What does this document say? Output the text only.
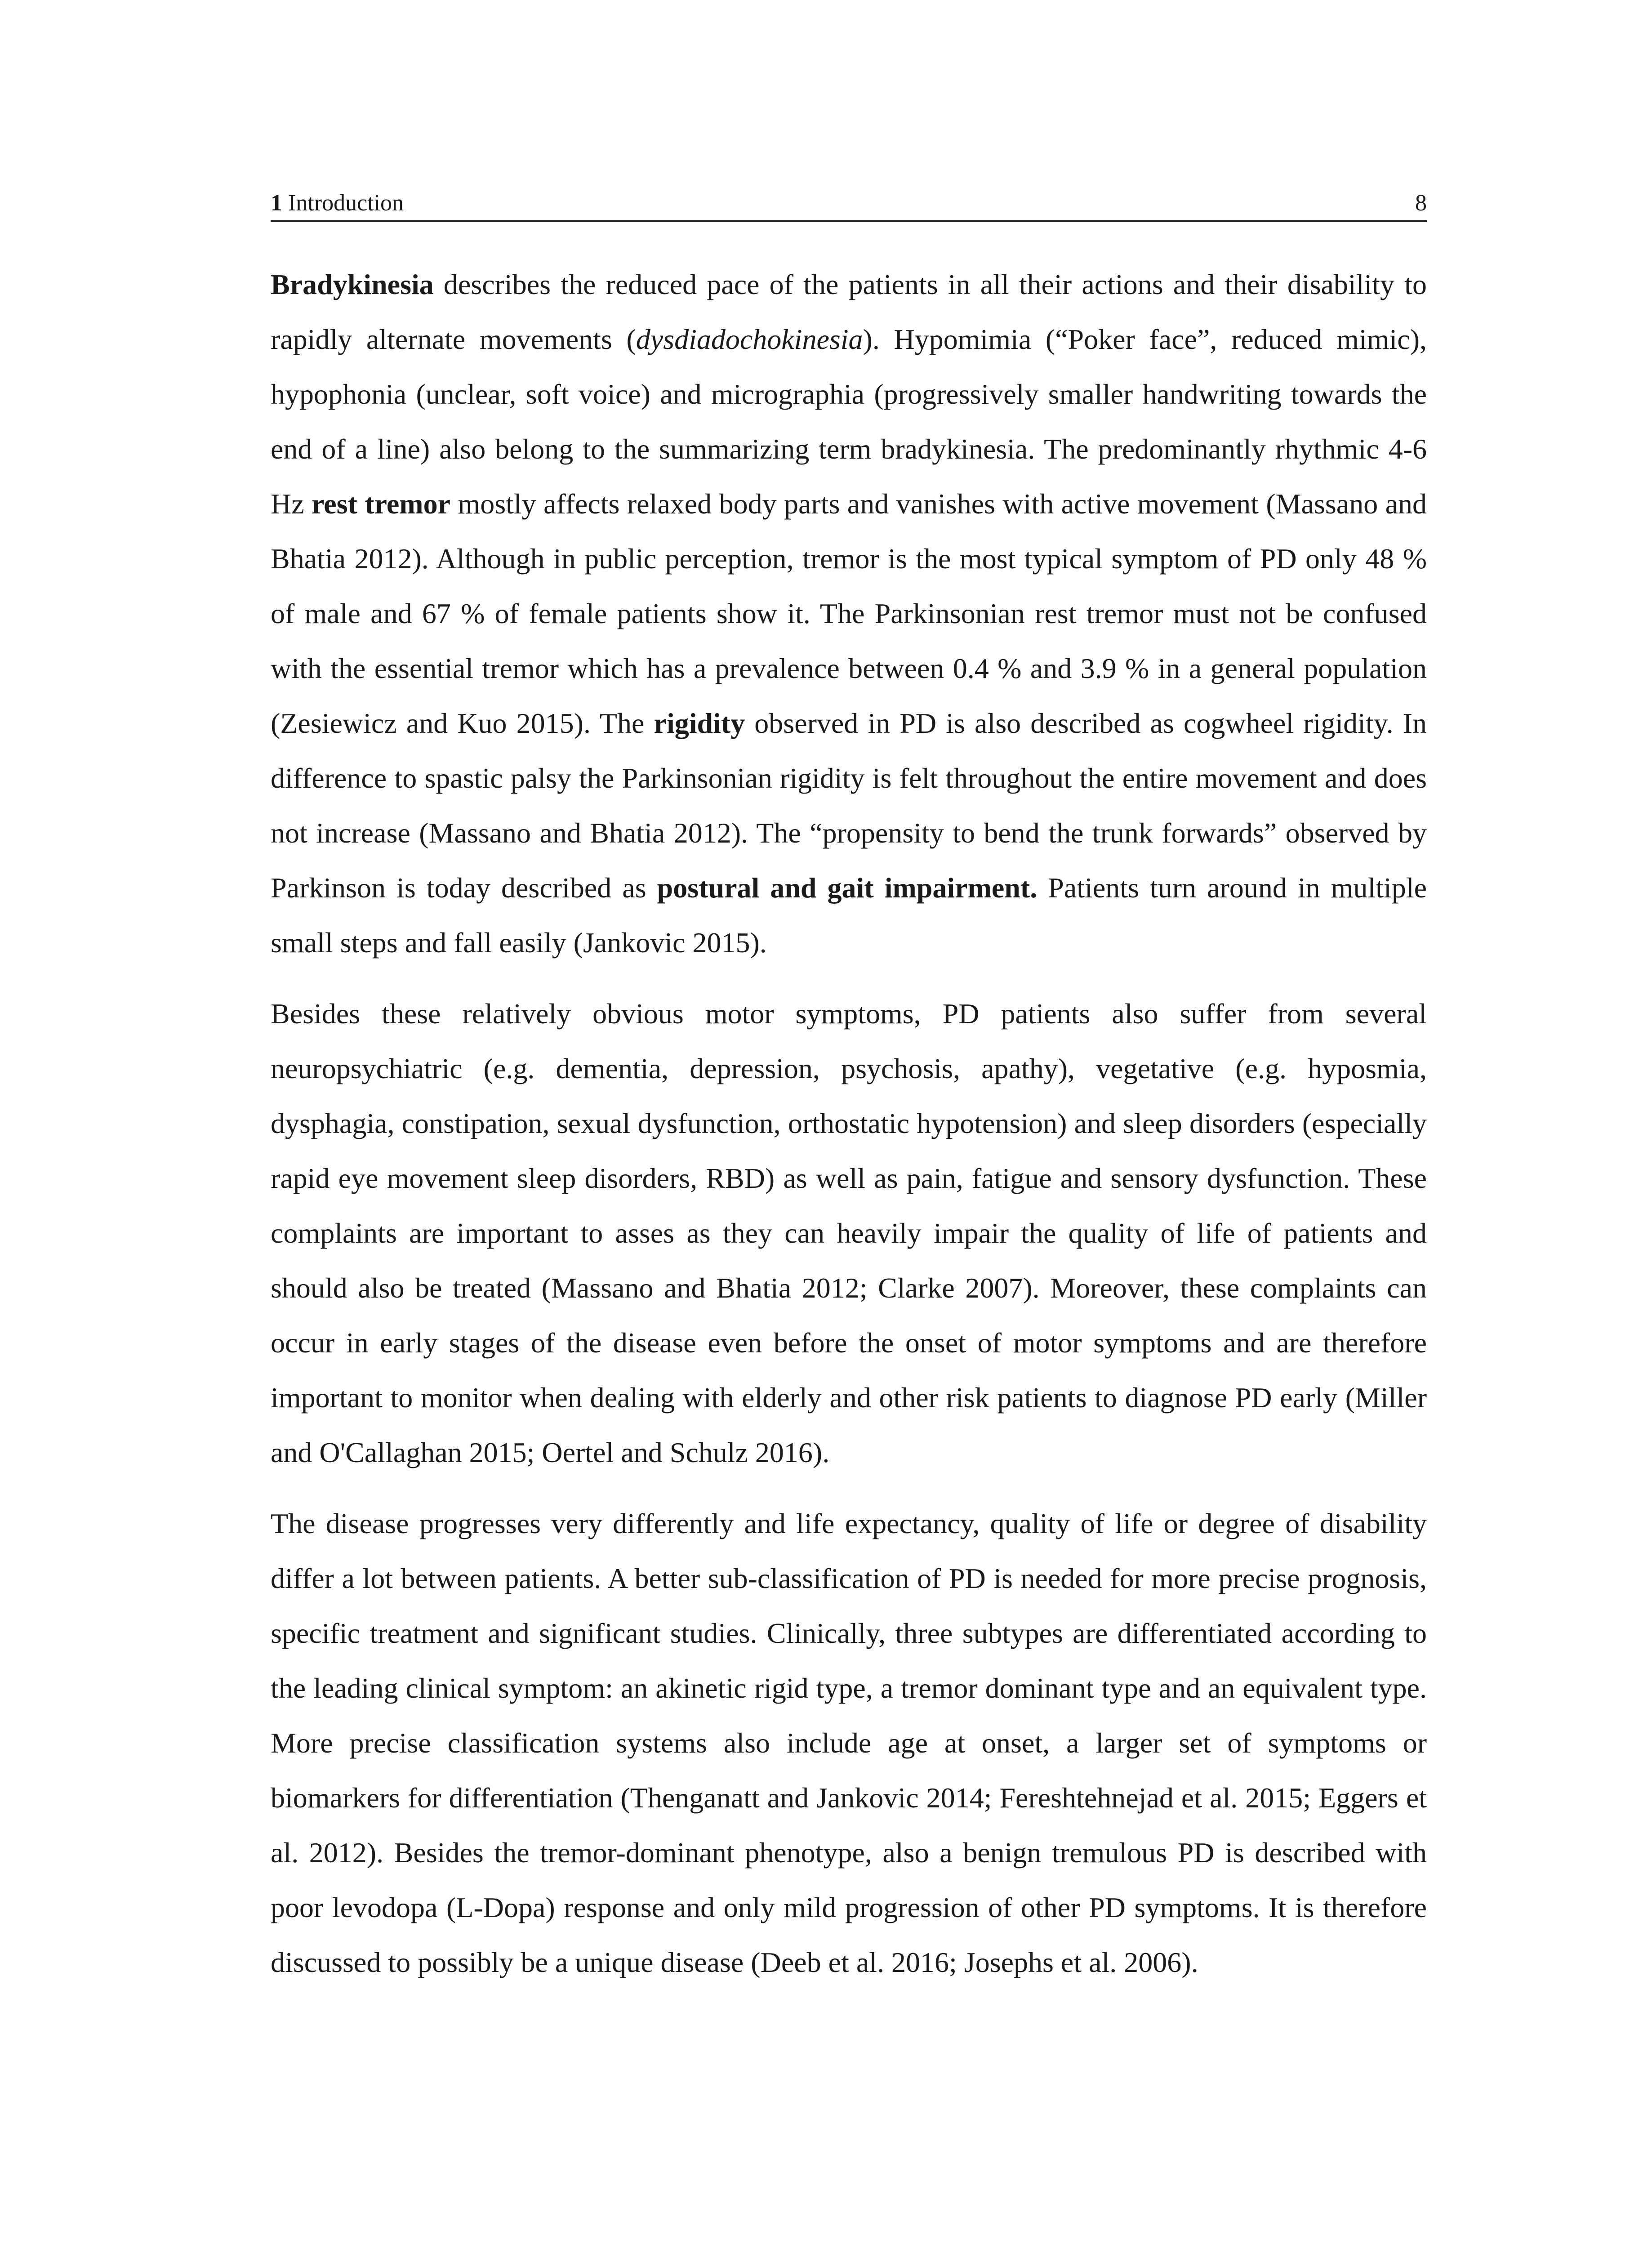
1 Introduction	8

Bradykinesia describes the reduced pace of the patients in all their actions and their disability to rapidly alternate movements (dysdiadochokinesia). Hypomimia (“Poker face”, reduced mimic), hypophonia (unclear, soft voice) and micrographia (progressively smaller handwriting towards the end of a line) also belong to the summarizing term bradykinesia. The predominantly rhythmic 4-6 Hz rest tremor mostly affects relaxed body parts and vanishes with active movement (Massano and Bhatia 2012). Although in public perception, tremor is the most typical symptom of PD only 48 % of male and 67 % of female patients show it. The Parkinsonian rest tremor must not be confused with the essential tremor which has a prevalence between 0.4 % and 3.9 % in a general population (Zesiewicz and Kuo 2015). The rigidity observed in PD is also described as cogwheel rigidity. In difference to spastic palsy the Parkinsonian rigidity is felt throughout the entire movement and does not increase (Massano and Bhatia 2012). The “propensity to bend the trunk forwards” observed by Parkinson is today described as postural and gait impairment. Patients turn around in multiple small steps and fall easily (Jankovic 2015).

Besides these relatively obvious motor symptoms, PD patients also suffer from several neuropsychiatric (e.g. dementia, depression, psychosis, apathy), vegetative (e.g. hyposmia, dysphagia, constipation, sexual dysfunction, orthostatic hypotension) and sleep disorders (especially rapid eye movement sleep disorders, RBD) as well as pain, fatigue and sensory dysfunction. These complaints are important to asses as they can heavily impair the quality of life of patients and should also be treated (Massano and Bhatia 2012; Clarke 2007). Moreover, these complaints can occur in early stages of the disease even before the onset of motor symptoms and are therefore important to monitor when dealing with elderly and other risk patients to diagnose PD early (Miller and O'Callaghan 2015; Oertel and Schulz 2016).

The disease progresses very differently and life expectancy, quality of life or degree of disability differ a lot between patients. A better sub-classification of PD is needed for more precise prognosis, specific treatment and significant studies. Clinically, three subtypes are differentiated according to the leading clinical symptom: an akinetic rigid type, a tremor dominant type and an equivalent type. More precise classification systems also include age at onset, a larger set of symptoms or biomarkers for differentiation (Thenganatt and Jankovic 2014; Fereshtehnejad et al. 2015; Eggers et al. 2012). Besides the tremor-dominant phenotype, also a benign tremulous PD is described with poor levodopa (L-Dopa) response and only mild progression of other PD symptoms. It is therefore discussed to possibly be a unique disease (Deeb et al. 2016; Josephs et al. 2006).
